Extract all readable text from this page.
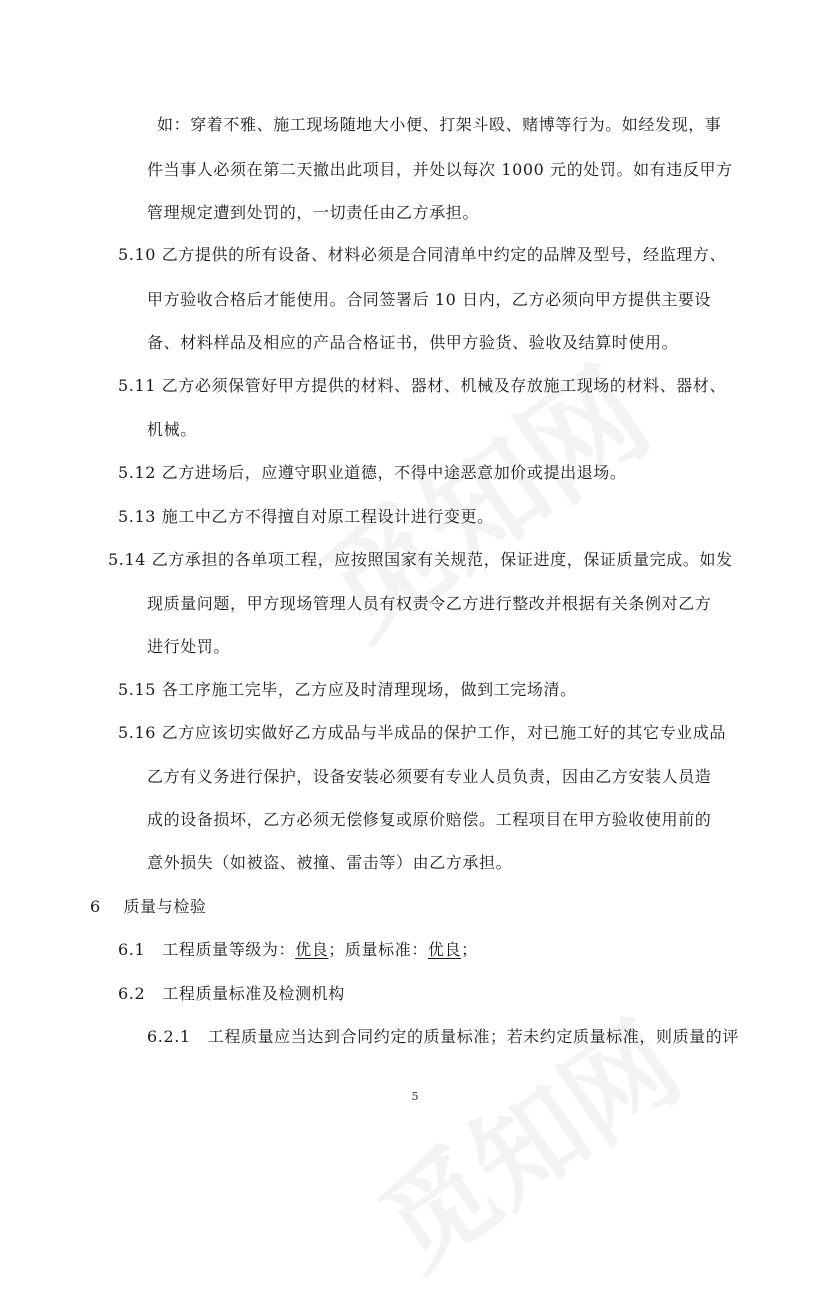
如：穿着不雅、施工现场随地大小便、打架斗殴、赌博等行为。如经发现，事
件当事人必须在第二天撤出此项目，并处以每次 1000 元的处罚。如有违反甲方
管理规定遭到处罚的，一切责任由乙方承担。
5.10 乙方提供的所有设备、材料必须是合同清单中约定的品牌及型号，经监理方、
甲方验收合格后才能使用。合同签署后 10 日内，乙方必须向甲方提供主要设
备、材料样品及相应的产品合格证书，供甲方验货、验收及结算时使用。
5.11 乙方必须保管好甲方提供的材料、器材、机械及存放施工现场的材料、器材、
机械。
5.12 乙方进场后，应遵守职业道德，不得中途恶意加价或提出退场。
5.13 施工中乙方不得擅自对原工程设计进行变更。
5.14 乙方承担的各单项工程，应按照国家有关规范，保证进度，保证质量完成。如发
现质量问题，甲方现场管理人员有权责令乙方进行整改并根据有关条例对乙方
进行处罚。
5.15 各工序施工完毕，乙方应及时清理现场，做到工完场清。
5.16 乙方应该切实做好乙方成品与半成品的保护工作，对已施工好的其它专业成品
乙方有义务进行保护，设备安装必须要有专业人员负责，因由乙方安装人员造
成的设备损坏，乙方必须无偿修复或原价赔偿。工程项目在甲方验收使用前的
意外损失（如被盗、被撞、雷击等）由乙方承担。
6    质量与检验
6.1   工程质量等级为：优良；质量标准：优良；
6.2   工程质量标准及检测机构
6.2.1   工程质量应当达到合同约定的质量标准；若未约定质量标准，则质量的评
5
